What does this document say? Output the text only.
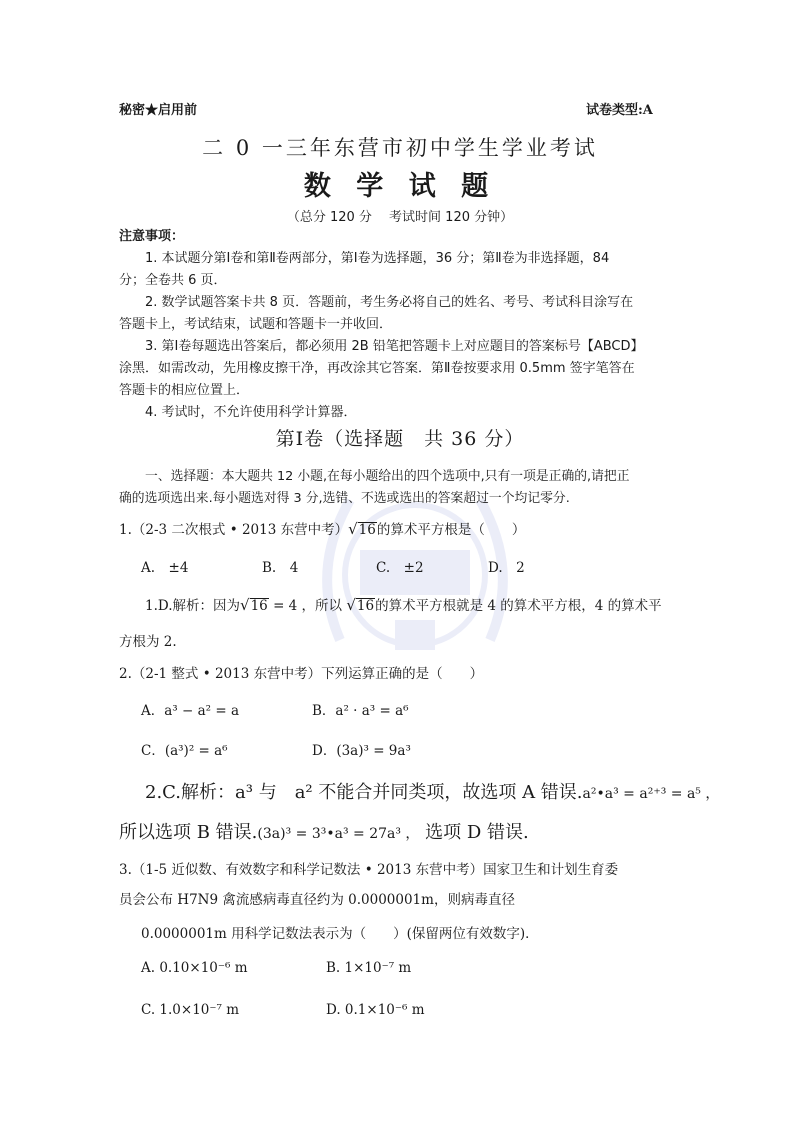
秘密★启用前	试卷类型:A
二 0 一三年东营市初中学生学业考试
数 学 试 题
（总分 120 分　 考试时间 120 分钟）
注意事项：
1. 本试题分第Ⅰ卷和第Ⅱ卷两部分，第Ⅰ卷为选择题，36 分；第Ⅱ卷为非选择题，84
分；全卷共 6 页．
2. 数学试题答案卡共 8 页．答题前，考生务必将自己的姓名、考号、考试科目涂写在
答题卡上，考试结束，试题和答题卡一并收回．
3. 第Ⅰ卷每题选出答案后，都必须用 2B 铅笔把答题卡上对应题目的答案标号【ABCD】
涂黑．如需改动，先用橡皮擦干净，再改涂其它答案．第Ⅱ卷按要求用 0.5mm 签字笔答在
答题卡的相应位置上．
4. 考试时，不允许使用科学计算器．
第Ⅰ卷（选择题　共 36 分）
一、选择题：本大题共 12 小题,在每小题给出的四个选项中,只有一项是正确的,请把正
确的选项选出来.每小题选对得 3 分,选错、不选或选出的答案超过一个均记零分.
1.（2-3 二次根式 • 2013 东营中考）√16的算术平方根是（　　）
A.　±4	B.　4	C.　±2	D.　2
1.D.解析：因为√16 = 4 ，所以 √16的算术平方根就是 4 的算术平方根，4 的算术平
方根为 2.
2.（2-1 整式 • 2013 东营中考）下列运算正确的是（　　）
A．a³ − a² = a	B．a² · a³ = a⁶
C．(a³)² = a⁶	D．(3a)³ = 9a³
2.C.解析：a³ 与　a² 不能合并同类项，故选项 A 错误.a²•a³ = a²⁺³ = a⁵ ，
所以选项 B 错误.(3a)³ = 3³•a³ = 27a³ ， 选项 D 错误.
3.（1-5 近似数、有效数字和科学记数法 • 2013 东营中考）国家卫生和计划生育委
员会公布 H7N9 禽流感病毒直径约为 0.0000001m，则病毒直径
0.0000001m 用科学记数法表示为（　　）(保留两位有效数字)．
A. 0.10×10⁻⁶ m	B. 1×10⁻⁷ m
C. 1.0×10⁻⁷ m	D. 0.1×10⁻⁶ m
